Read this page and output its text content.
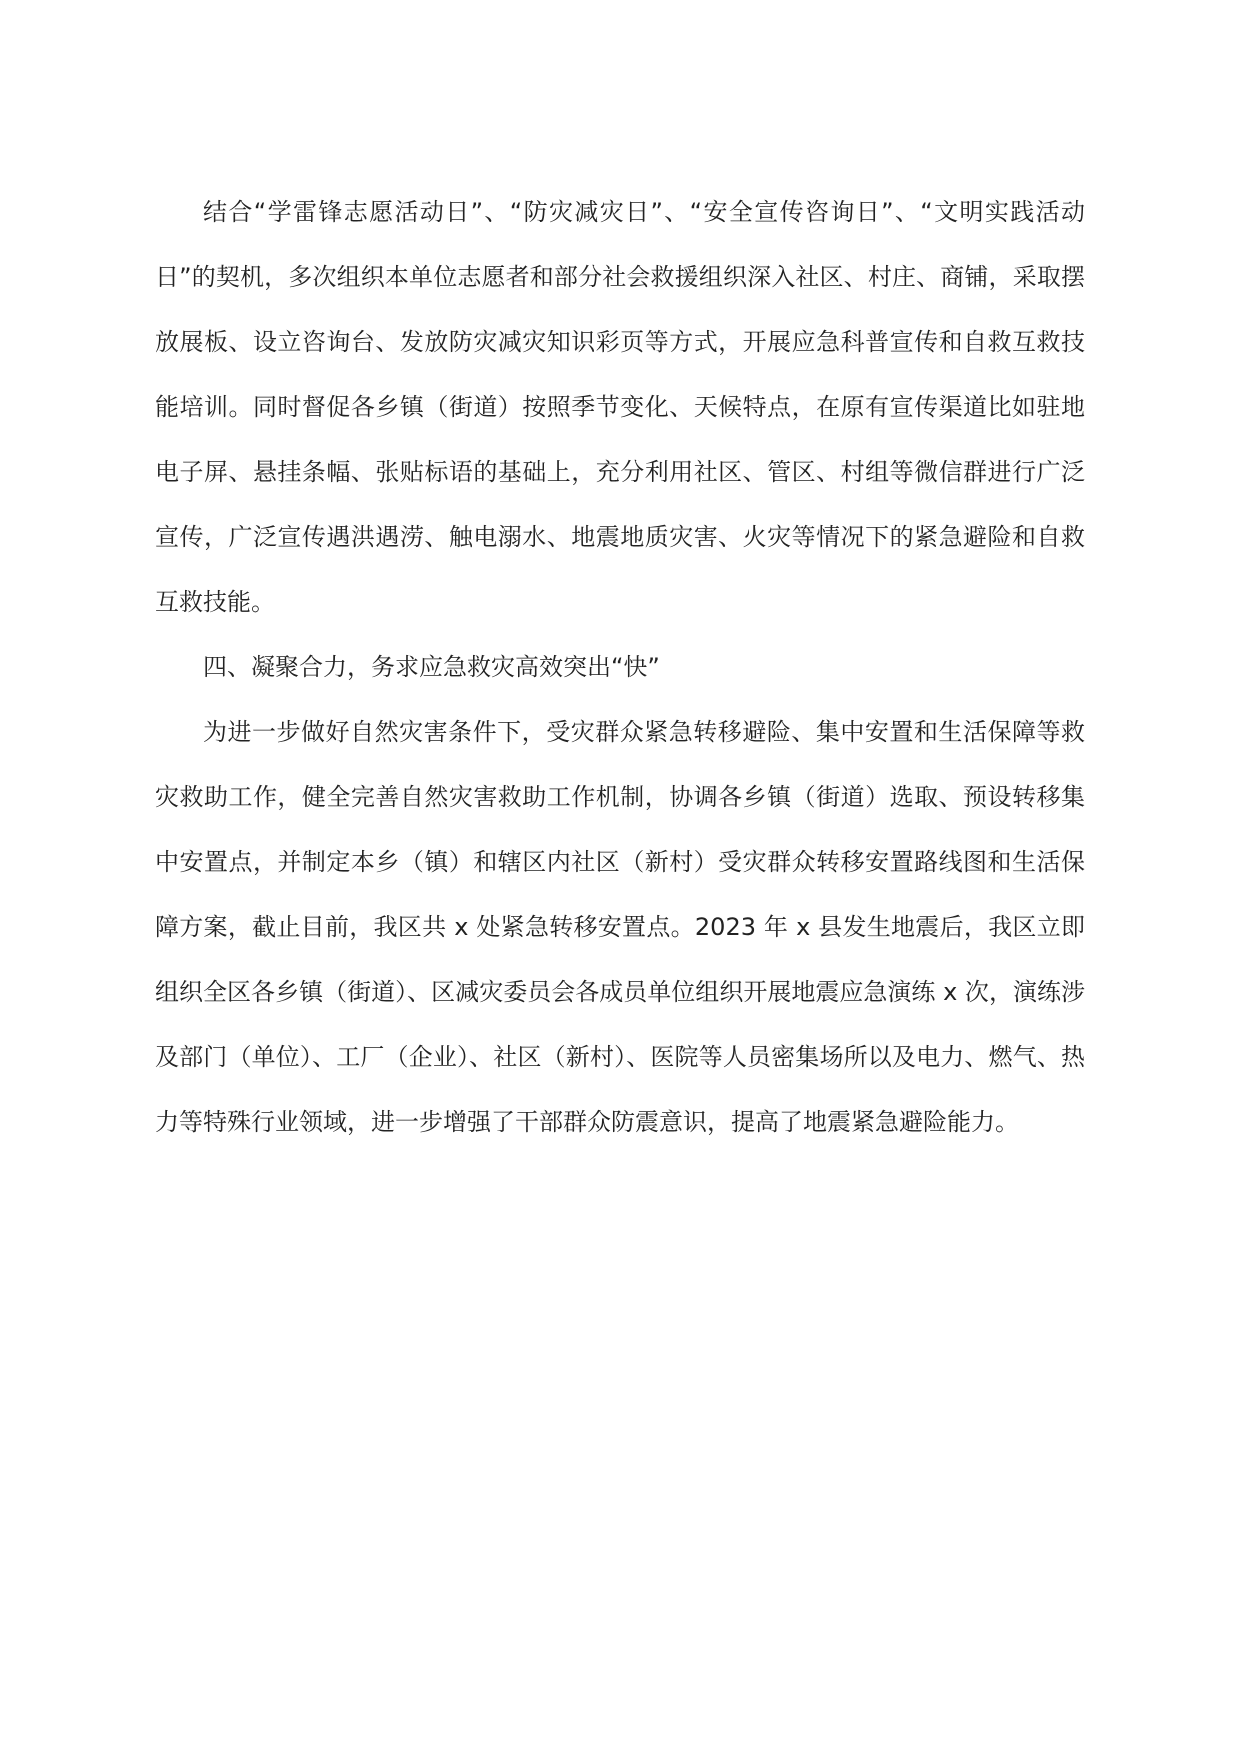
结合“学雷锋志愿活动日”、“防灾减灾日”、“安全宣传咨询日”、“文明实践活动日”的契机，多次组织本单位志愿者和部分社会救援组织深入社区、村庄、商铺，采取摆放展板、设立咨询台、发放防灾减灾知识彩页等方式，开展应急科普宣传和自救互救技能培训。同时督促各乡镇（街道）按照季节变化、天候特点，在原有宣传渠道比如驻地电子屏、悬挂条幅、张贴标语的基础上，充分利用社区、管区、村组等微信群进行广泛宣传，广泛宣传遇洪遇涝、触电溺水、地震地质灾害、火灾等情况下的紧急避险和自救互救技能。

四、凝聚合力，务求应急救灾高效突出“快”

为进一步做好自然灾害条件下，受灾群众紧急转移避险、集中安置和生活保障等救灾救助工作，健全完善自然灾害救助工作机制，协调各乡镇（街道）选取、预设转移集中安置点，并制定本乡（镇）和辖区内社区（新村）受灾群众转移安置路线图和生活保障方案，截止目前，我区共 x 处紧急转移安置点。2023 年 x 县发生地震后，我区立即组织全区各乡镇（街道）、区减灾委员会各成员单位组织开展地震应急演练 x 次，演练涉及部门（单位）、工厂（企业）、社区（新村）、医院等人员密集场所以及电力、燃气、热力等特殊行业领域，进一步增强了干部群众防震意识，提高了地震紧急避险能力。
